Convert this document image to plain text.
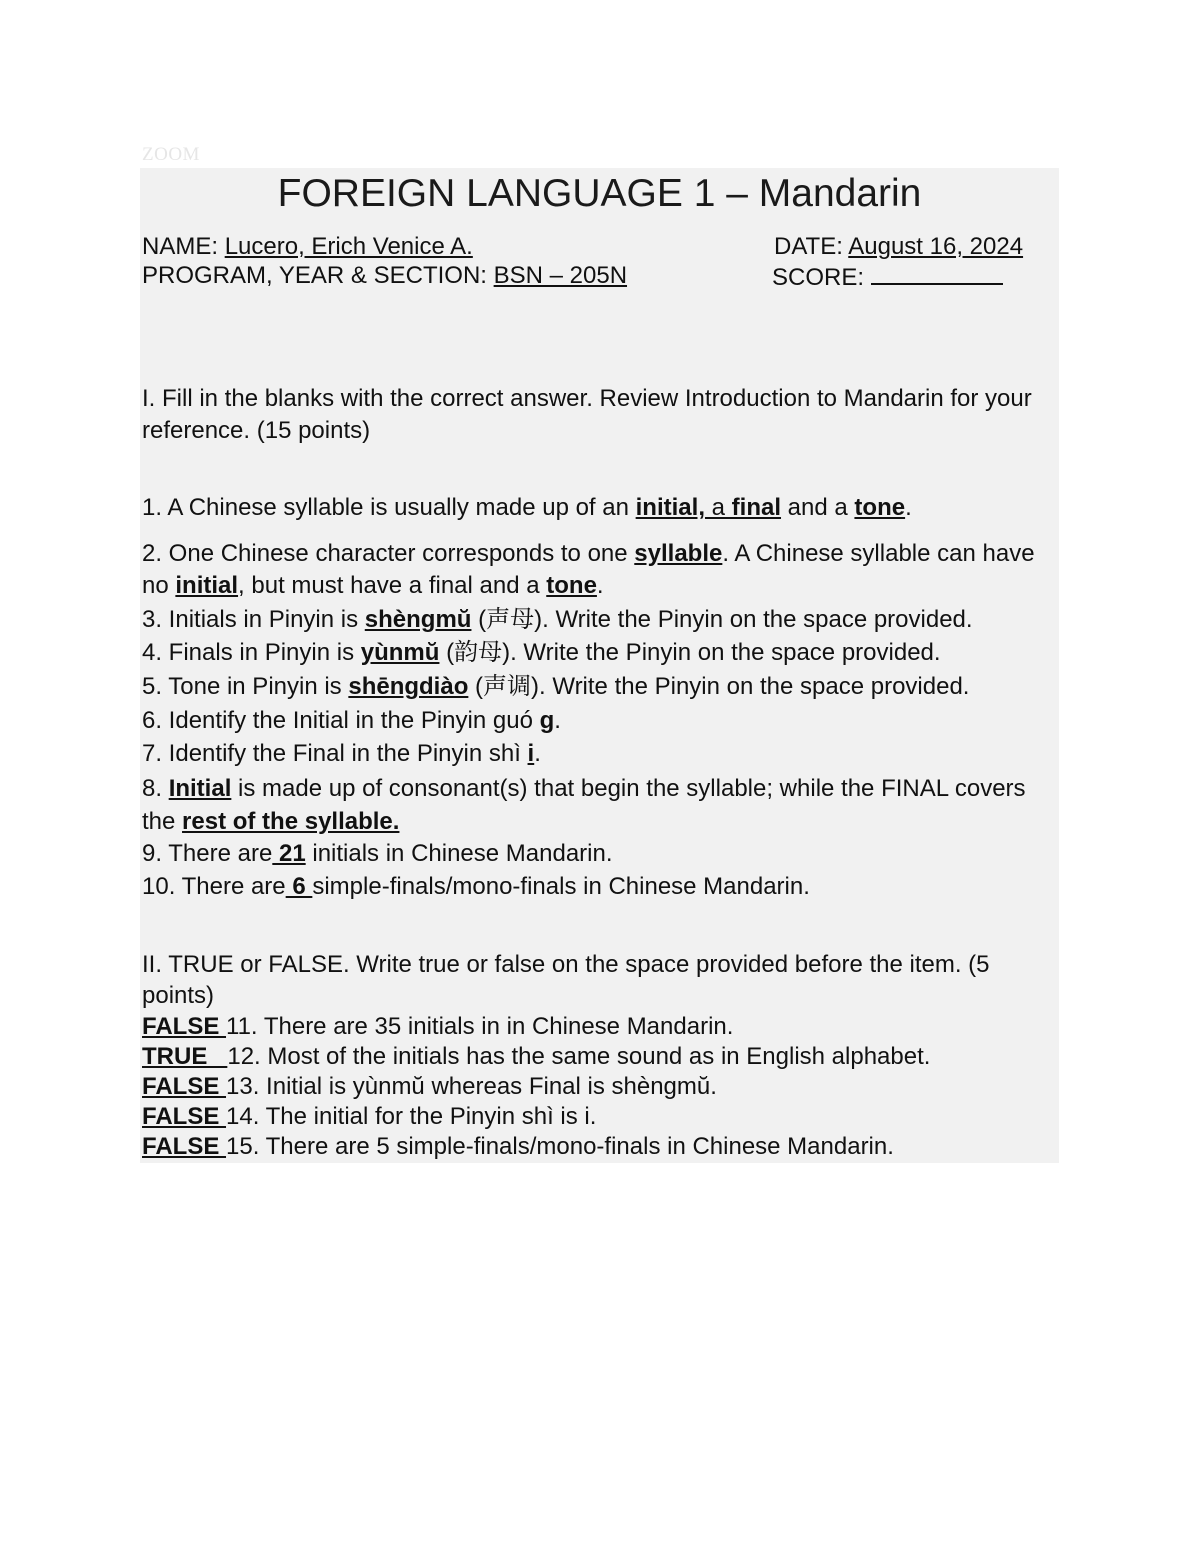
ZOOM
FOREIGN LANGUAGE 1 – Mandarin
NAME: Lucero, Erich Venice A.	DATE: August 16, 2024
PROGRAM, YEAR & SECTION: BSN – 205N	SCORE:
I. Fill in the blanks with the correct answer. Review Introduction to Mandarin for your reference. (15 points)
1. A Chinese syllable is usually made up of an initial, a final and a tone.
2. One Chinese character corresponds to one syllable. A Chinese syllable can have no initial, but must have a final and a tone.
3. Initials in Pinyin is shèngmŭ (声母). Write the Pinyin on the space provided.
4. Finals in Pinyin is yùnmŭ (韵母). Write the Pinyin on the space provided.
5. Tone in Pinyin is shēngdiào (声调). Write the Pinyin on the space provided.
6. Identify the Initial in the Pinyin guó g.
7. Identify the Final in the Pinyin shì i.
8. Initial is made up of consonant(s) that begin the syllable; while the FINAL covers the rest of the syllable.
9. There are 21 initials in Chinese Mandarin.
10. There are 6 simple-finals/mono-finals in Chinese Mandarin.
II. TRUE or FALSE. Write true or false on the space provided before the item. (5 points)
FALSE 11. There are 35 initials in in Chinese Mandarin.
TRUE   12. Most of the initials has the same sound as in English alphabet.
FALSE 13. Initial is yùnmŭ whereas Final is shèngmŭ.
FALSE 14. The initial for the Pinyin shì is i.
FALSE 15. There are 5 simple-finals/mono-finals in Chinese Mandarin.
